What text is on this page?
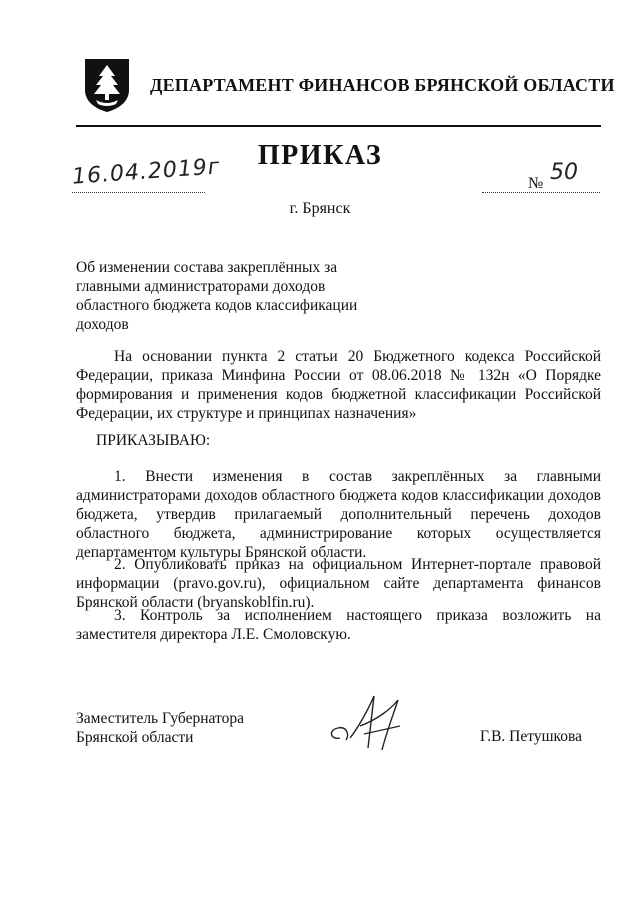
ДЕПАРТАМЕНТ ФИНАНСОВ БРЯНСКОЙ ОБЛАСТИ
ПРИКАЗ
16.04.2019г	№ 50
г. Брянск
Об изменении состава закреплённых за главными администраторами доходов областного бюджета кодов классификации доходов
На основании пункта 2 статьи 20 Бюджетного кодекса Российской Федерации, приказа Минфина России от 08.06.2018 № 132н «О Порядке формирования и применения кодов бюджетной классификации Российской Федерации, их структуре и принципах назначения»
ПРИКАЗЫВАЮ:
1. Внести изменения в состав закреплённых за главными администраторами доходов областного бюджета кодов классификации доходов бюджета, утвердив прилагаемый дополнительный перечень доходов областного бюджета, администрирование которых осуществляется департаментом культуры Брянской области.
2. Опубликовать приказ на официальном Интернет-портале правовой информации (pravo.gov.ru), официальном сайте департамента финансов Брянской области (bryanskoblfin.ru).
3. Контроль за исполнением настоящего приказа возложить на заместителя директора Л.Е. Смоловскую.
Заместитель Губернатора
Брянской области	Г.В. Петушкова
